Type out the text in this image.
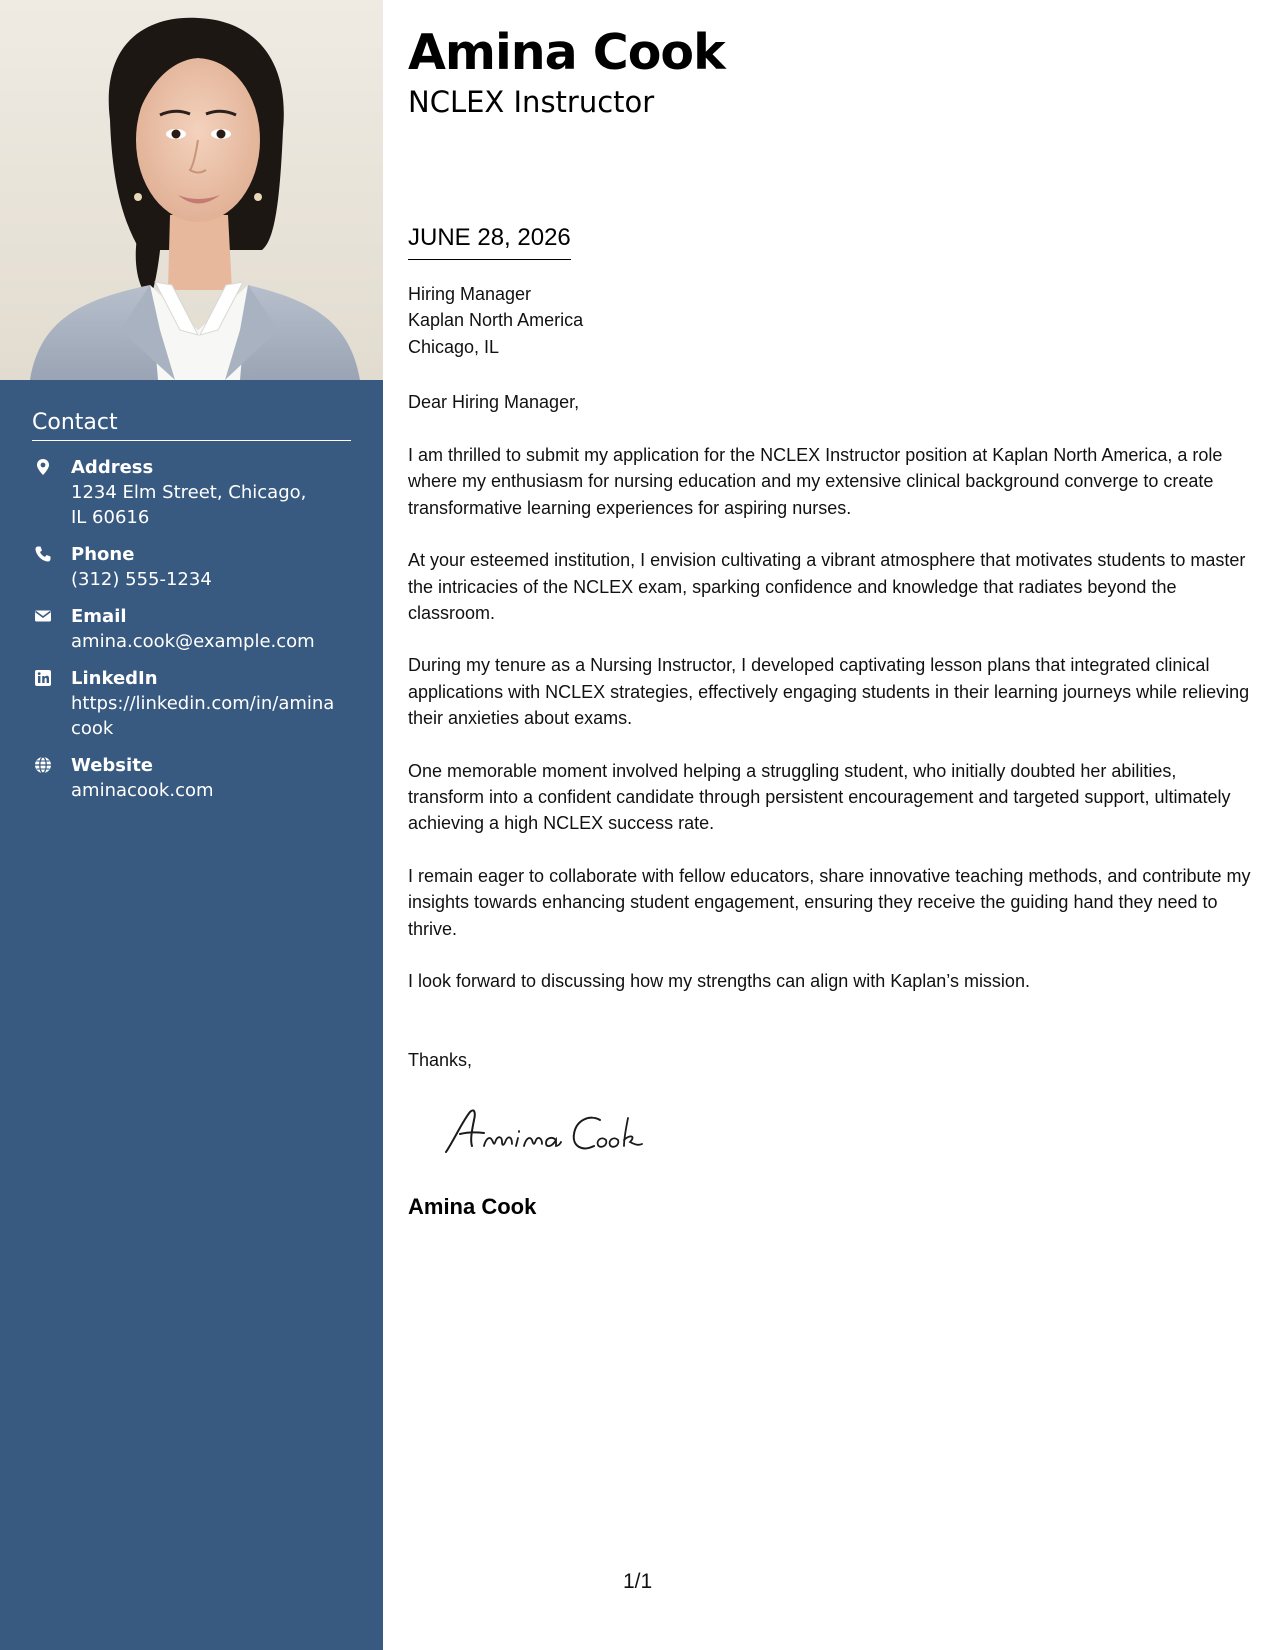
Contact
Address
1234 Elm Street, Chicago, IL 60616
Phone
(312) 555-1234
Email
amina.cook@example.com
LinkedIn
https://linkedin.com/in/aminacook
Website
aminacook.com
Amina Cook
NCLEX Instructor
JUNE 28, 2026
Hiring Manager
Kaplan North America
Chicago, IL
Dear Hiring Manager,

I am thrilled to submit my application for the NCLEX Instructor position at Kaplan North America, a role where my enthusiasm for nursing education and my extensive clinical background converge to create transformative learning experiences for aspiring nurses.

At your esteemed institution, I envision cultivating a vibrant atmosphere that motivates students to master the intricacies of the NCLEX exam, sparking confidence and knowledge that radiates beyond the classroom.

During my tenure as a Nursing Instructor, I developed captivating lesson plans that integrated clinical applications with NCLEX strategies, effectively engaging students in their learning journeys while relieving their anxieties about exams.

One memorable moment involved helping a struggling student, who initially doubted her abilities, transform into a confident candidate through persistent encouragement and targeted support, ultimately achieving a high NCLEX success rate.

I remain eager to collaborate with fellow educators, share innovative teaching methods, and contribute my insights towards enhancing student engagement, ensuring they receive the guiding hand they need to thrive.

I look forward to discussing how my strengths can align with Kaplan’s mission.

Thanks,
Amina Cook
1/1
